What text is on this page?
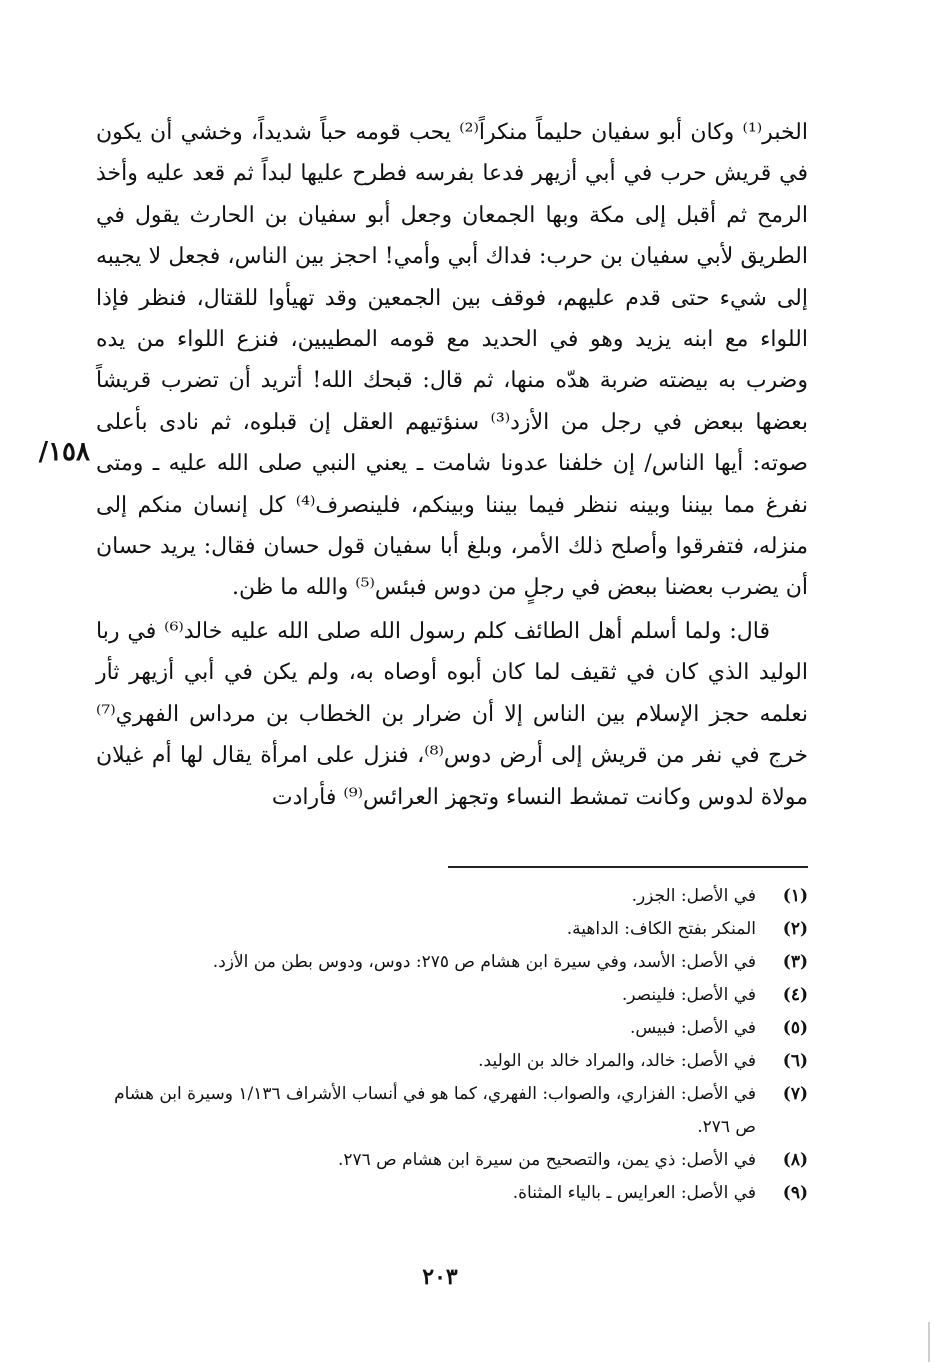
الخبر⁽¹⁾ وكان أبو سفيان حليماً منكراً⁽²⁾ يحب قومه حباً شديداً، وخشي أن يكون في قريش حرب في أبي أزيهر فدعا بفرسه فطرح عليها لبداً ثم قعد عليه وأخذ الرمح ثم أقبل إلى مكة وبها الجمعان وجعل أبو سفيان بن الحارث يقول في الطريق لأبي سفيان بن حرب: فداك أبي وأمي! احجز بين الناس، فجعل لا يجيبه إلى شيء حتى قدم عليهم، فوقف بين الجمعين وقد تهيأوا للقتال، فنظر فإذا اللواء مع ابنه يزيد وهو في الحديد مع قومه المطيبين، فنزع اللواء من يده وضرب به بيضته ضربة هدّه منها، ثم قال: قبحك الله! أتريد أن تضرب قريشاً بعضها ببعض في رجل من الأزد⁽³⁾ سنؤتيهم العقل إن قبلوه، ثم نادى بأعلى صوته: أيها الناس/ إن خلفنا عدونا شامت ـ يعني النبي صلى الله عليه ـ ومتى نفرغ مما بيننا وبينه ننظر فيما بيننا وبينكم، فلينصرف⁽⁴⁾ كل إنسان منكم إلى منزله، فتفرقوا وأصلح ذلك الأمر، وبلغ أبا سفيان قول حسان فقال: يريد حسان أن يضرب بعضنا ببعض في رجلٍ من دوس فبئس⁽⁵⁾ والله ما ظن.

قال: ولما أسلم أهل الطائف كلم رسول الله صلى الله عليه خالد⁽⁶⁾ في ربا الوليد الذي كان في ثقيف لما كان أبوه أوصاه به، ولم يكن في أبي أزيهر ثأر نعلمه حجز الإسلام بين الناس إلا أن ضرار بن الخطاب بن مرداس الفهري⁽⁷⁾ خرج في نفر من قريش إلى أرض دوس⁽⁸⁾، فنزل على امرأة يقال لها أم غيلان مولاة لدوس وكانت تمشط النساء وتجهز العرائس⁽⁹⁾ فأرادت

١٥٨/
(١)
في الأصل: الجزر.
(٢)
المنكر بفتح الكاف: الداهية.
(٣)
في الأصل: الأسد، وفي سيرة ابن هشام ص ٢٧٥: دوس، ودوس بطن من الأزد.
(٤)
في الأصل: فلينصر.
(٥)
في الأصل: فبيس.
(٦)
في الأصل: خالد، والمراد خالد بن الوليد.
(٧)
في الأصل: الفزاري، والصواب: الفهري، كما هو في أنساب الأشراف ١/١٣٦ وسيرة ابن هشام ص ٢٧٦.
(٨)
في الأصل: ذي يمن، والتصحيح من سيرة ابن هشام ص ٢٧٦.
(٩)
في الأصل: العرايس ـ بالياء المثناة.
٢٠٣
